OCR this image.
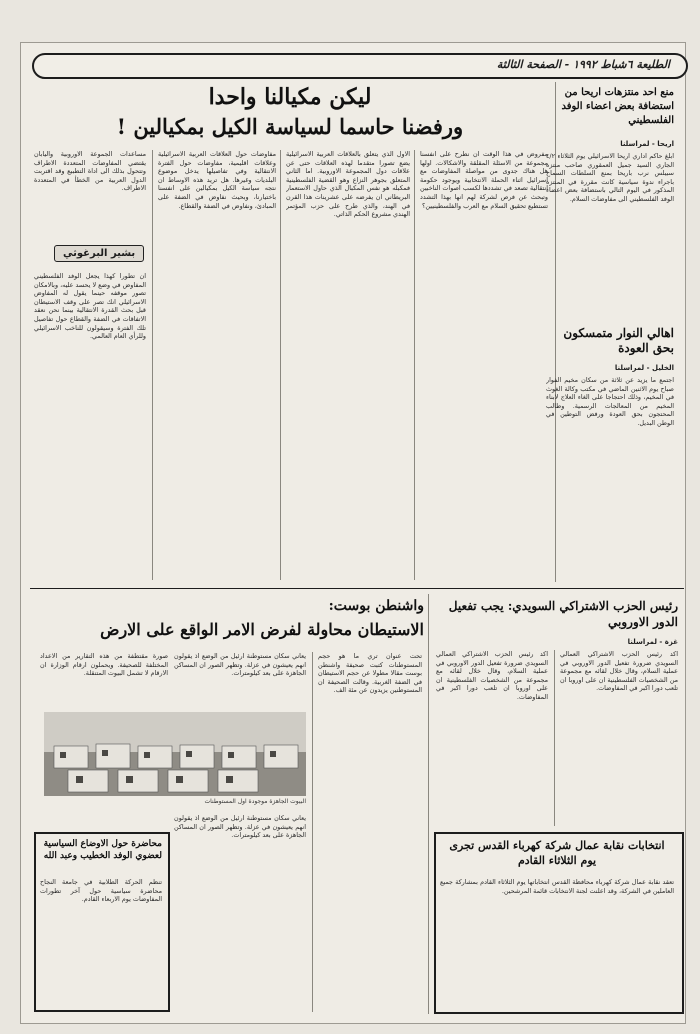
الطليعة ٦شباط ١٩٩٢ - الصفحة الثالثة
منع احد منتزهات اريحا من استضافة بعض اعضاء الوفد الفلسطيني
اريحا - لمراسلنا
ابلغ حاكم اداري اريحا الاسرائيلي يوم الثلاثاء ٤/٢ الجاري السيد جميل العمقوري صاحب منتزه سبيلس نرب باريحا بمنع السلطات السماح باجراء ندوة سياسية كانت مقررة في المنتزه المذكور في اليوم التالي باستضافة بعض اعضاء الوفد الفلسطيني الى مفاوضات السلام.
اهالي النوار متمسكون بحق العودة
الخليل - لمراسلنا
اجتمع ما يزيد عن ثلاثة من سكان مخيم الفوار صباح يوم الاثنين الماضي في مكتب وكالة الغوث في المخيم، وذلك احتجاجا على الغاء العلاج لابناء المخيم من المعالجات الرسمية. وطالب المحتجون بحق العودة ورفض التوطين في الوطن البديل.
ليكن مكيالنا واحدا
ورفضنا حاسما لسياسة الكيل بمكيالين !
مفروض في هذا الوقت ان نطرح على انفسنا مجموعة من الاسئلة المقلقة والاشكالات. اولها هل هناك جدوى من مواصلة المفاوضات مع اسرائيل اثناء الحملة الانتخابية ويوجود حكومة انتقالية تصعد في تشددها لكسب اصوات الناخبين وتبحث عن فرص لشركة لهم انها بهذا التشدد تستطيع تحقيق السلام مع العرب والفلسطينيين؟
الاول الذي يتعلق بالعلاقات العربية الاسرائيلية يضع تصورا متقدما لهذه العلاقات حتى عن علاقات دول المجموعة الاوروبية. اما الثاني المتعلق بجوهر النزاع وهو القضية الفلسطينية فمكبله هو نفس المكبال الذي حاول الاستعمار البريطاني ان يفرضه على عشرينات هذا القرن في الهند، والذي طرح على حزب المؤتمر الهندي مشروع الحكم الذاتي.
مفاوضات حول العلاقات العربية الاسرائيلية وعلاقات اقليمية، مفاوضات حول الفترة الانتقالية وفي تفاصيلها يدخل موضوع البلديات وغيرها. هل تريد هذه الاوساط ان نتجه سياسة الكيل بمكيالين على انفسنا باختيارنا، وبحيث نفاوض في الضفة على المبادئ، ونفاوض في الضفة والقطاع.
مساعدات الجموعة الاوروبية واليابان يقتضي المفاوضات المتعددة الاطراف وتتحول بذلك الى اداة التطبيع وقد اقتربت الدول العربية من الخطأ في المتعددة الاطراف.
بشير البرغوثي
ان تطورا كهذا يجعل الوفد الفلسطيني المفاوض في وضع لا يحسد عليه، وبالامكان تصور موقفه حينما يقول له المفاوض الاسرائيلي انك تصر على وقف الاستيطان قبل بحث القدرة الانتقالية بينما نحن نعقد الاتفاقات في الضفة والقطاع حول تفاصيل تلك الفترة وسيقولون للناخب الاسرائيلي وللرأي العام العالمي.
واشنطن بوست:
الاستيطان محاولة لفرض الامر الواقع على الارض
تحت عنوان تري ما هو حجم المستوطنات كتبت صحيفة واشنطن بوست مقالا مطولا عن حجم الاستيطان في الضفة الغربية. وقالت الصحيفة ان المستوطنين يزيدون عن مئة الف.
يعاني سكان مستوطنة ارئيل من الوضع اذ يقولون انهم يعيشون في عزلة. وتظهر الصور ان المساكن الجاهزة على بعد كيلومترات.
صورة مقتطفة من هذه التقارير من الاعداد المختلفة للصحيفة. ويحملون ارقام الوزارة ان الارقام لا تشمل البيوت المتنقلة.
البيوت الجاهزة موجودة اول المستوطنات
محاضرة حول الاوضاع السياسية لعضوي الوفد الخطيب وعبد الله
تنظم الحركة الطلابية في جامعة النجاح محاضرة سياسية حول آخر تطورات المفاوضات يوم الاربعاء القادم.
يعاني سكان مستوطنة ارئيل من الوضع اذ يقولون انهم يعيشون في عزلة. وتظهر الصور ان المساكن الجاهزة على بعد كيلومترات.
رئيس الحزب الاشتراكي السويدي: يجب تفعيل الدور الاوروبي
غزة - لمراسلنا
اكد رئيس الحزب الاشتراكي العمالي السويدي ضرورة تفعيل الدور الاوروبي في عملية السلام، وقال خلال لقائه مع مجموعة من الشخصيات الفلسطينية ان على اوروبا ان تلعب دورا اكبر في المفاوضات.
اكد رئيس الحزب الاشتراكي العمالي السويدي ضرورة تفعيل الدور الاوروبي في عملية السلام، وقال خلال لقائه مع مجموعة من الشخصيات الفلسطينية ان على اوروبا ان تلعب دورا اكبر في المفاوضات.
انتخابات نقابة عمال شركة كهرباء القدس تجرى يوم الثلاثاء القادم
تعقد نقابة عمال شركة كهرباء محافظة القدس انتخاباتها يوم الثلاثاء القادم بمشاركة جميع العاملين في الشركة، وقد اعلنت لجنة الانتخابات قائمة المرشحين.
